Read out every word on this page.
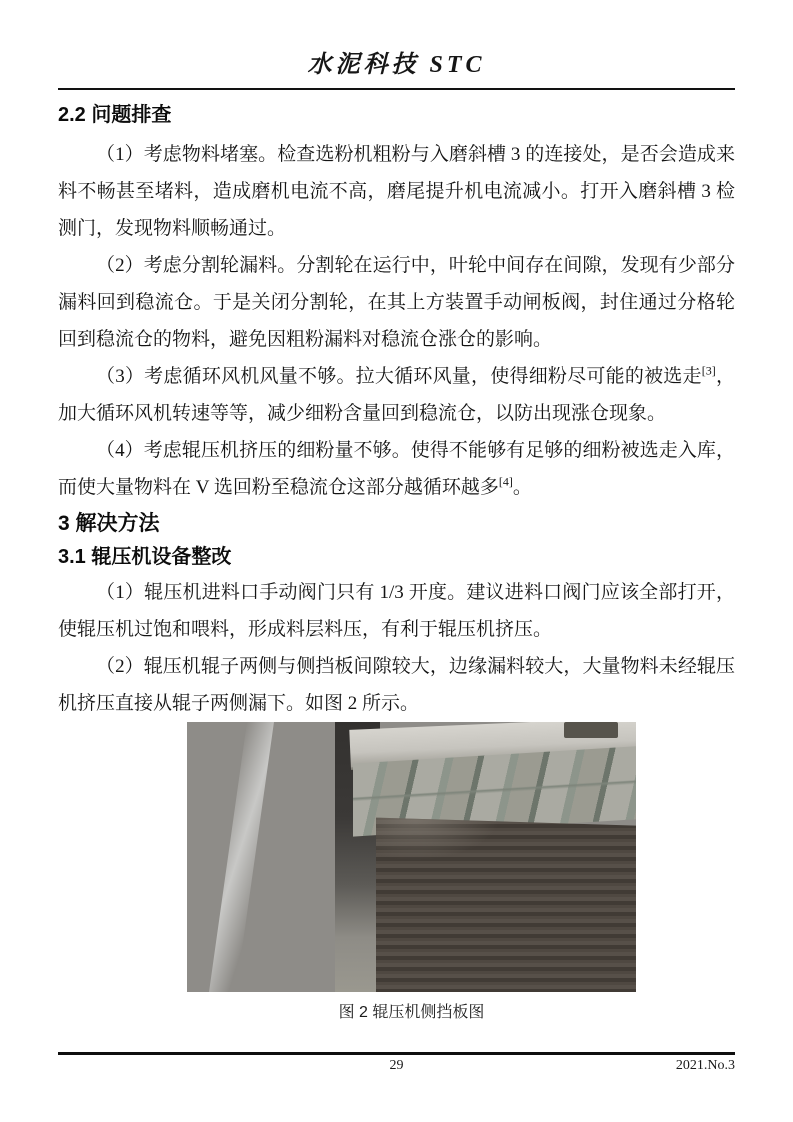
水泥科技 STC
2.2 问题排查

（1）考虑物料堵塞。检查选粉机粗粉与入磨斜槽 3 的连接处，是否会造成来料不畅甚至堵料，造成磨机电流不高，磨尾提升机电流减小。打开入磨斜槽 3 检测门，发现物料顺畅通过。

（2）考虑分割轮漏料。分割轮在运行中，叶轮中间存在间隙，发现有少部分漏料回到稳流仓。于是关闭分割轮，在其上方装置手动闸板阀，封住通过分格轮回到稳流仓的物料，避免因粗粉漏料对稳流仓涨仓的影响。

（3）考虑循环风机风量不够。拉大循环风量，使得细粉尽可能的被选走[3]，加大循环风机转速等等，减少细粉含量回到稳流仓，以防出现涨仓现象。

（4）考虑辊压机挤压的细粉量不够。使得不能够有足够的细粉被选走入库，而使大量物料在 V 选回粉至稳流仓这部分越循环越多[4]。

3 解决方法
3.1 辊压机设备整改

（1）辊压机进料口手动阀门只有 1/3 开度。建议进料口阀门应该全部打开，使辊压机过饱和喂料，形成料层料压，有利于辊压机挤压。

（2）辊压机辊子两侧与侧挡板间隙较大，边缘漏料较大，大量物料未经辊压机挤压直接从辊子两侧漏下。如图 2 所示。

图 2 辊压机侧挡板图
29	2021.No.3
